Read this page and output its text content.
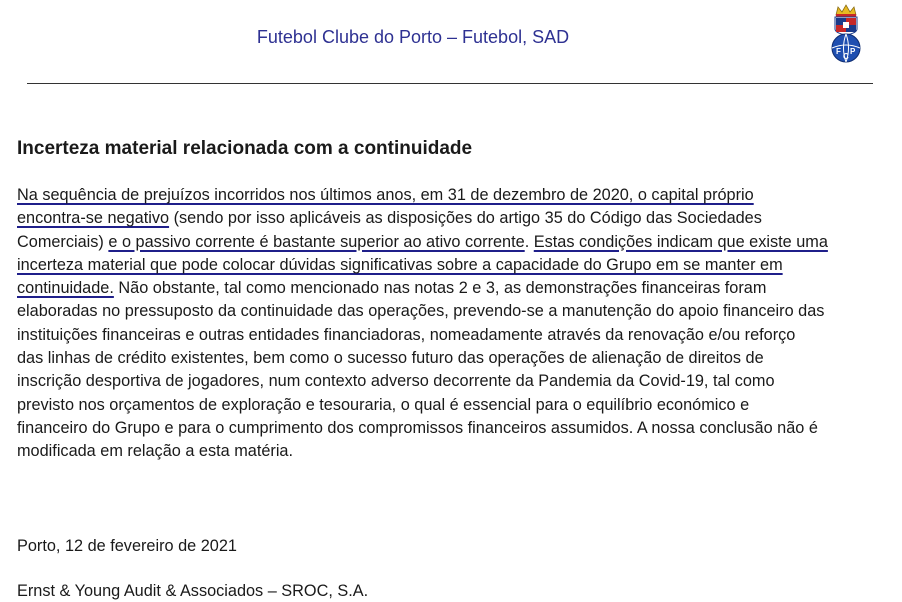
Futebol Clube do Porto – Futebol, SAD
F
C
P
Incerteza material relacionada com a continuidade

Na sequência de prejuízos incorridos nos últimos anos, em 31 de dezembro de 2020, o capital próprio

encontra-se negativo (sendo por isso aplicáveis as disposições do artigo 35 do Código das Sociedades

Comerciais) e o passivo corrente é bastante superior ao ativo corrente. Estas condições indicam que existe uma

incerteza material que pode colocar dúvidas significativas sobre a capacidade do Grupo em se manter em

continuidade. Não obstante, tal como mencionado nas notas 2 e 3, as demonstrações financeiras foram

elaboradas no pressuposto da continuidade das operações, prevendo-se a manutenção do apoio financeiro das

instituições financeiras e outras entidades financiadoras, nomeadamente através da renovação e/ou reforço

das linhas de crédito existentes, bem como o sucesso futuro das operações de alienação de direitos de

inscrição desportiva de jogadores, num contexto adverso decorrente da Pandemia da Covid-19, tal como

previsto nos orçamentos de exploração e tesouraria, o qual é essencial para o equilíbrio económico e

financeiro do Grupo e para o cumprimento dos compromissos financeiros assumidos. A nossa conclusão não é

modificada em relação a esta matéria.

Porto, 12 de fevereiro de 2021
Ernst & Young Audit & Associados – SROC, S.A.
